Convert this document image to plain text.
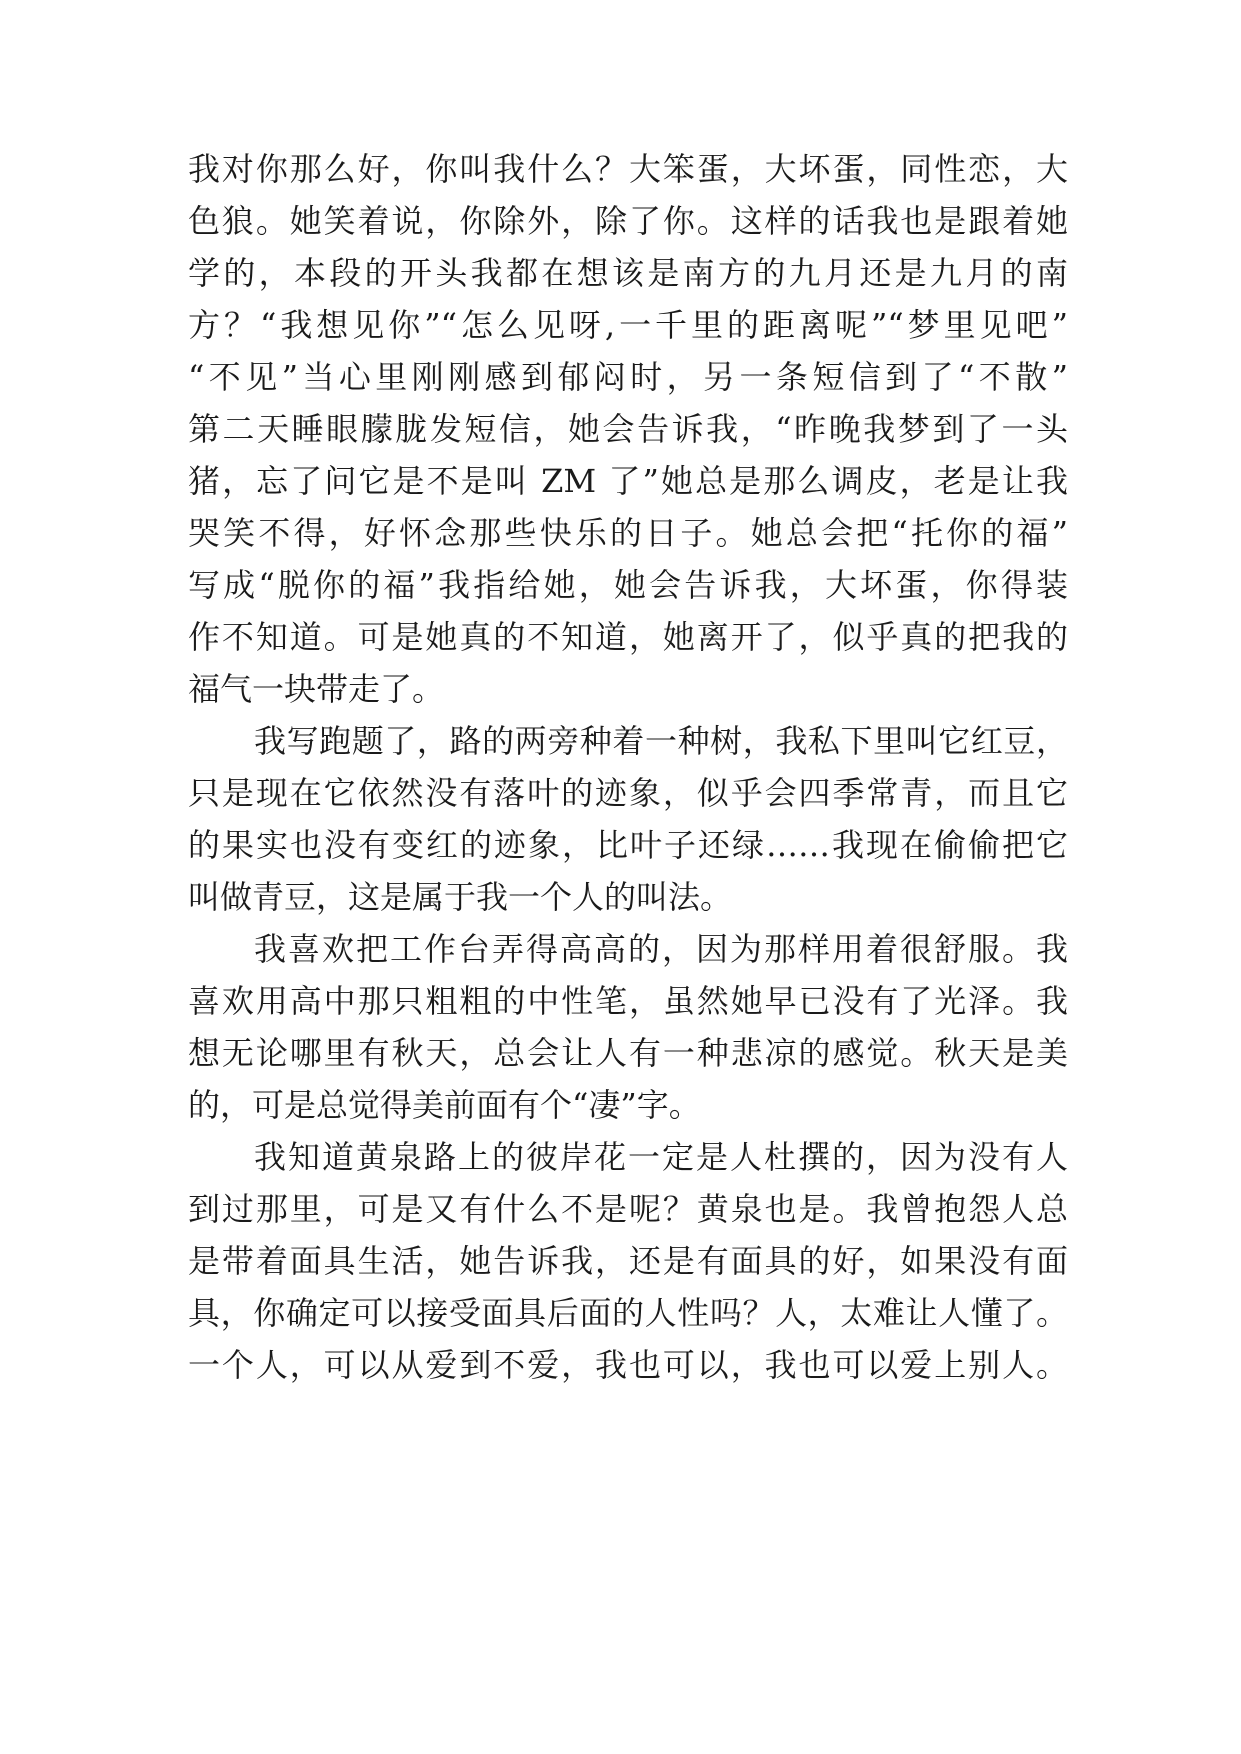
我对你那么好，你叫我什么？大笨蛋，大坏蛋，同性恋，大
色狼。她笑着说，你除外，除了你。这样的话我也是跟着她
学的，本段的开头我都在想该是南方的九月还是九月的南
方？“我想见你”“怎么见呀,一千里的距离呢”“梦里见吧”
“不见”当心里刚刚感到郁闷时，另一条短信到了“不散”
第二天睡眼朦胧发短信，她会告诉我，“昨晚我梦到了一头
猪，忘了问它是不是叫 ZM 了”她总是那么调皮，老是让我
哭笑不得，好怀念那些快乐的日子。她总会把“托你的福”
写成“脱你的福”我指给她，她会告诉我，大坏蛋，你得装
作不知道。可是她真的不知道，她离开了，似乎真的把我的
福气一块带走了。
我写跑题了，路的两旁种着一种树，我私下里叫它红豆，
只是现在它依然没有落叶的迹象，似乎会四季常青，而且它
的果实也没有变红的迹象，比叶子还绿……我现在偷偷把它
叫做青豆，这是属于我一个人的叫法。
我喜欢把工作台弄得高高的，因为那样用着很舒服。我
喜欢用高中那只粗粗的中性笔，虽然她早已没有了光泽。我
想无论哪里有秋天，总会让人有一种悲凉的感觉。秋天是美
的，可是总觉得美前面有个“凄”字。
我知道黄泉路上的彼岸花一定是人杜撰的，因为没有人
到过那里，可是又有什么不是呢？黄泉也是。我曾抱怨人总
是带着面具生活，她告诉我，还是有面具的好，如果没有面
具，你确定可以接受面具后面的人性吗？人，太难让人懂了。
一个人，可以从爱到不爱，我也可以，我也可以爱上别人。
